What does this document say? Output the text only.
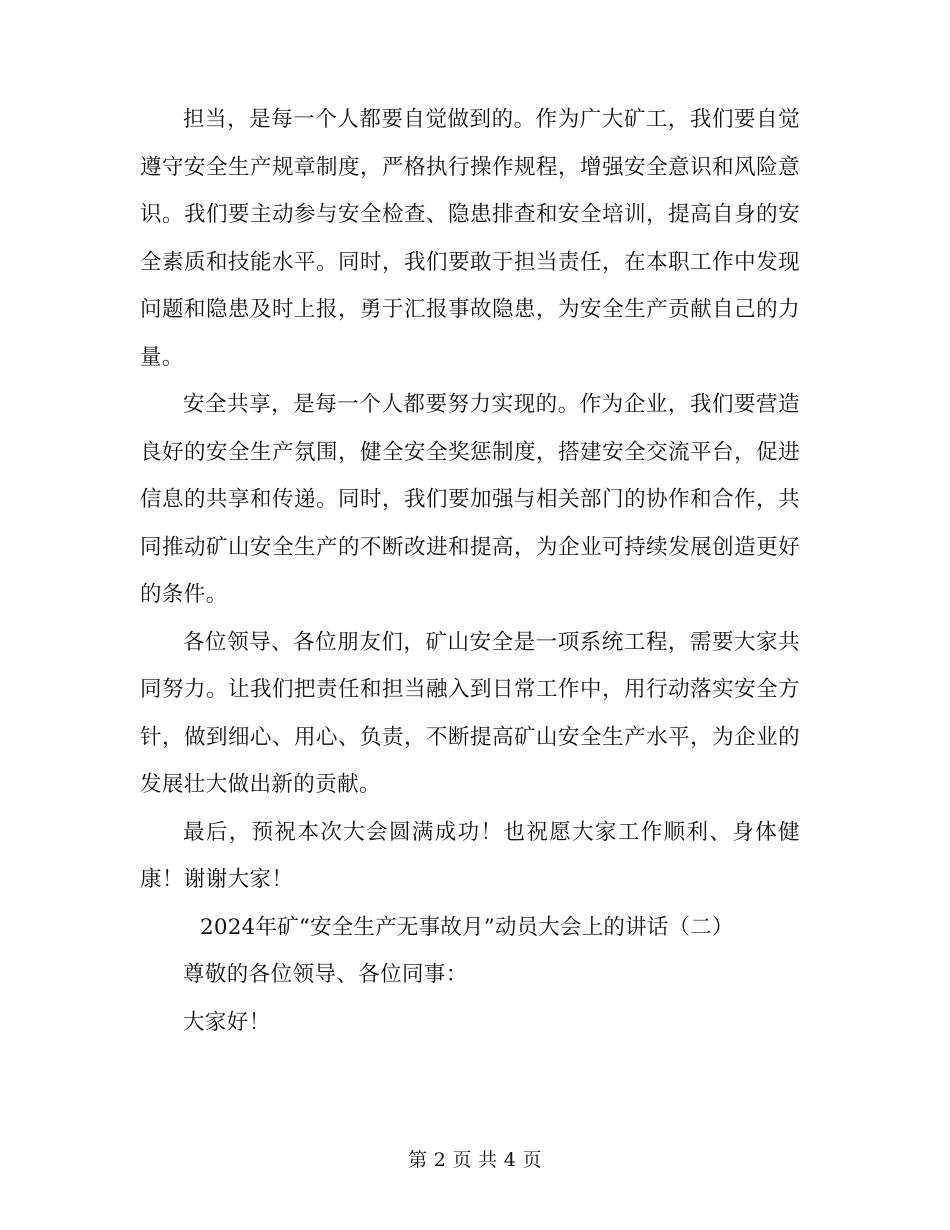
担当，是每一个人都要自觉做到的。作为广大矿工，我们要自觉遵守安全生产规章制度，严格执行操作规程，增强安全意识和风险意识。我们要主动参与安全检查、隐患排查和安全培训，提高自身的安全素质和技能水平。同时，我们要敢于担当责任，在本职工作中发现问题和隐患及时上报，勇于汇报事故隐患，为安全生产贡献自己的力量。

安全共享，是每一个人都要努力实现的。作为企业，我们要营造良好的安全生产氛围，健全安全奖惩制度，搭建安全交流平台，促进信息的共享和传递。同时，我们要加强与相关部门的协作和合作，共同推动矿山安全生产的不断改进和提高，为企业可持续发展创造更好的条件。

各位领导、各位朋友们，矿山安全是一项系统工程，需要大家共同努力。让我们把责任和担当融入到日常工作中，用行动落实安全方针，做到细心、用心、负责，不断提高矿山安全生产水平，为企业的发展壮大做出新的贡献。

最后，预祝本次大会圆满成功！也祝愿大家工作顺利、身体健康！谢谢大家！

2024年矿“安全生产无事故月”动员大会上的讲话（二）

尊敬的各位领导、各位同事：

大家好！

第 2 页 共 4 页
